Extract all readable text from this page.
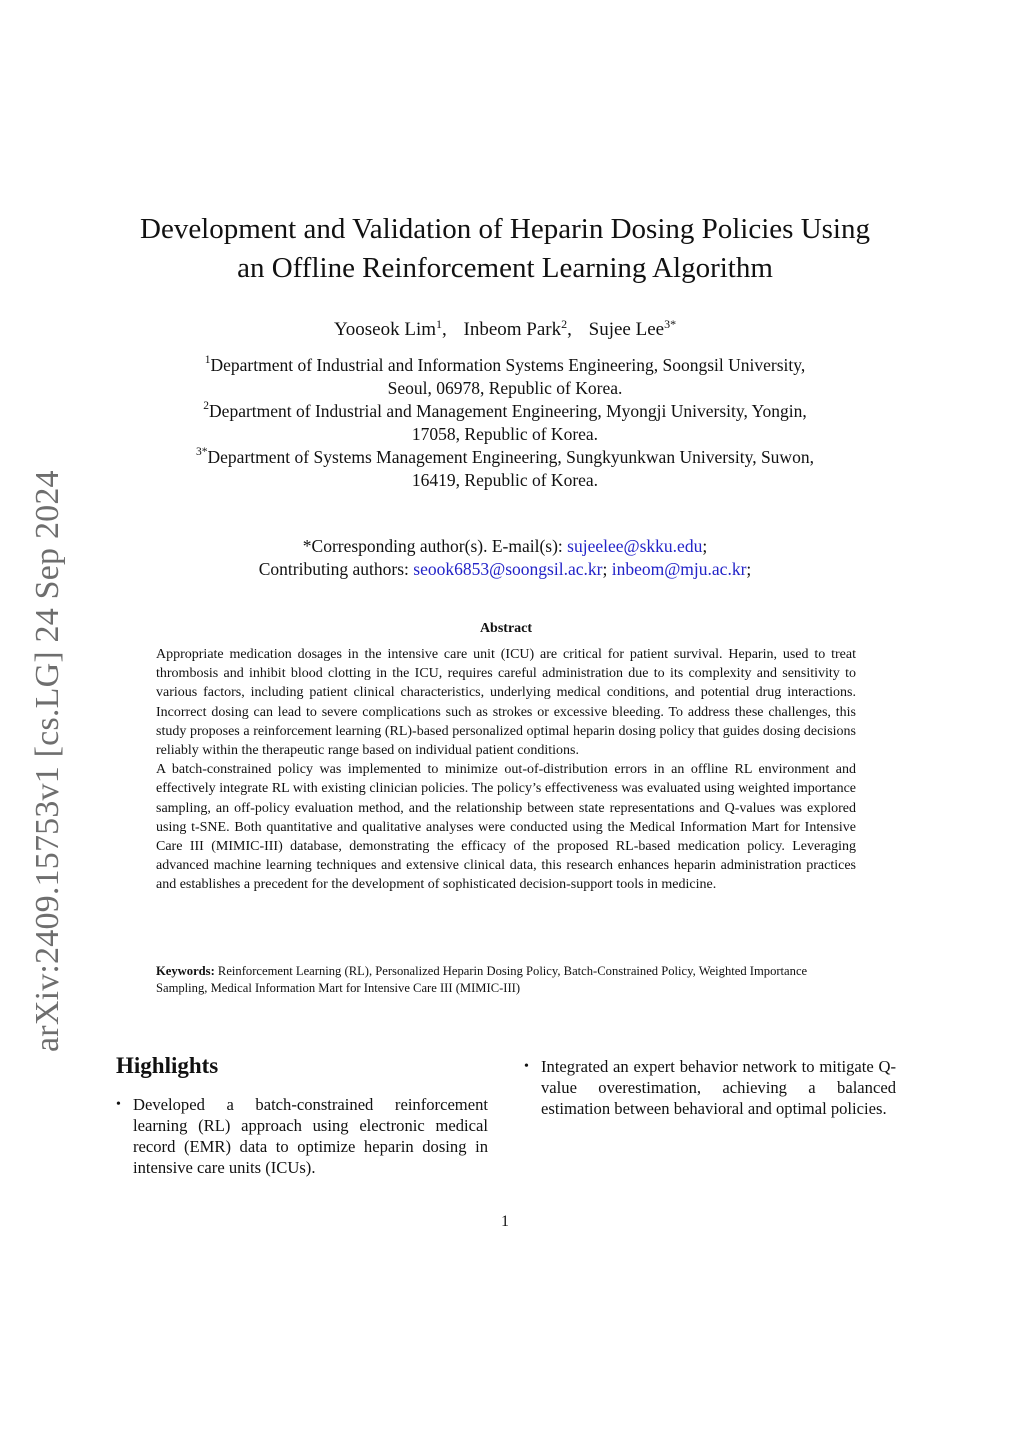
arXiv:2409.15753v1 [cs.LG] 24 Sep 2024
Development and Validation of Heparin Dosing Policies Using
an Offline Reinforcement Learning Algorithm
Yooseok Lim$^1$, Inbeom Park$^2$, Sujee Lee$^{3*}$

$^1$Department of Industrial and Information Systems Engineering, Soongsil University,
Seoul, 06978, Republic of Korea.

$^2$Department of Industrial and Management Engineering, Myongji University, Yongin,
17058, Republic of Korea.

$^{3*}$Department of Systems Management Engineering, Sungkyunkwan University, Suwon,
16419, Republic of Korea.

*Corresponding author(s). E-mail(s): sujeelee@skku.edu;
Contributing authors: seook6853@soongsil.ac.kr; inbeom@mju.ac.kr;
Abstract

Appropriate medication dosages in the intensive care unit (ICU) are critical for patient survival. Heparin, used to treat thrombosis and inhibit blood clotting in the ICU, requires careful administration due to its complexity and sensitivity to various factors, including patient clinical characteristics, underlying medical conditions, and potential drug interactions. Incorrect dosing can lead to severe complications such as strokes or excessive bleeding. To address these challenges, this study proposes a reinforcement learning (RL)-based personalized optimal heparin dosing policy that guides dosing decisions reliably within the therapeutic range based on individual patient conditions.

A batch-constrained policy was implemented to minimize out-of-distribution errors in an offline RL environment and effectively integrate RL with existing clinician policies. The policy’s effectiveness was evaluated using weighted importance sampling, an off-policy evaluation method, and the relationship between state representations and Q-values was explored using t-SNE. Both quantitative and qualitative analyses were conducted using the Medical Information Mart for Intensive Care III (MIMIC-III) database, demonstrating the efficacy of the proposed RL-based medication policy. Leveraging advanced machine learning techniques and extensive clinical data, this research enhances heparin administration practices and establishes a precedent for the development of sophisticated decision-support tools in medicine.

Keywords: Reinforcement Learning (RL), Personalized Heparin Dosing Policy, Batch-Constrained Policy, Weighted Importance Sampling, Medical Information Mart for Intensive Care III (MIMIC-III)
Highlights
• Developed a batch-constrained reinforcement learning (RL) approach using electronic medical record (EMR) data to optimize heparin dosing in intensive care units (ICUs).
• Integrated an expert behavior network to mitigate Q-value overestimation, achieving a balanced estimation between behavioral and optimal policies.
1
